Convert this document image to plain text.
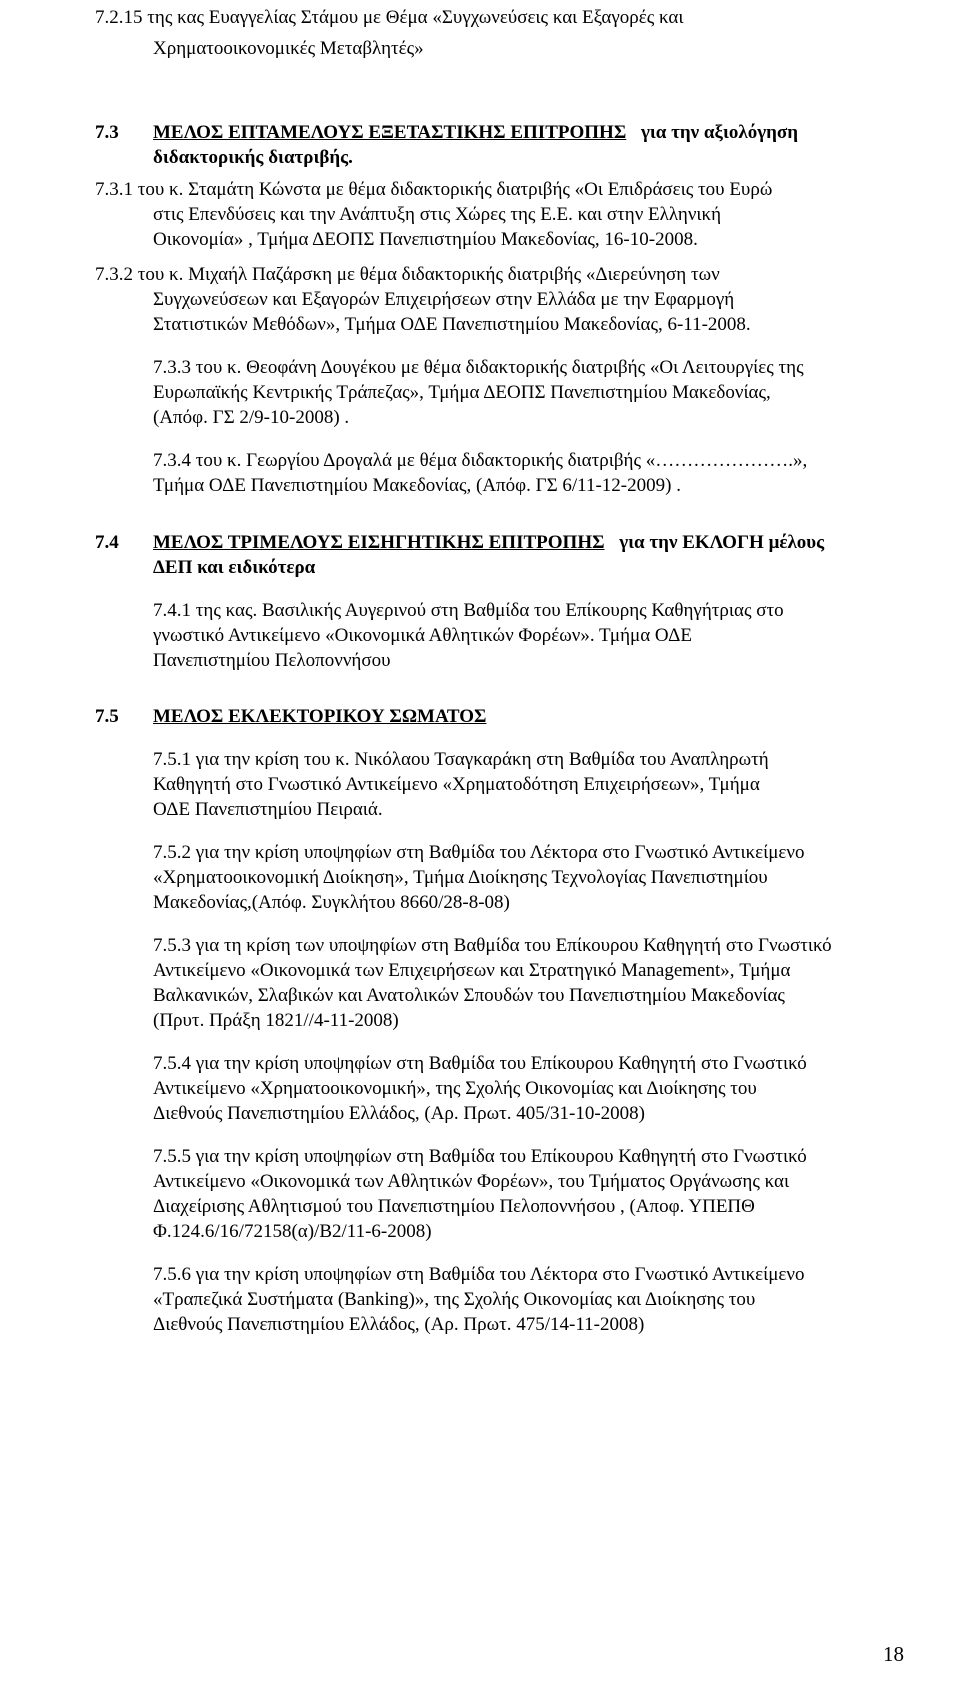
7.2.15 της κας Ευαγγελίας Στάμου με Θέμα «Συγχωνεύσεις και Εξαγορές και
Χρηματοοικονομικές Μεταβλητές»
7.3 ΜΕΛΟΣ ΕΠΤΑΜΕΛΟΥΣ ΕΞΕΤΑΣΤΙΚΗΣ ΕΠΙΤΡΟΠΗΣ για την αξιολόγηση
διδακτορικής διατριβής.
7.3.1 του κ. Σταμάτη Κώνστα με θέμα διδακτορικής διατριβής «Οι Επιδράσεις του Ευρώ
στις Επενδύσεις και την Ανάπτυξη στις Χώρες της Ε.Ε. και στην Ελληνική
Οικονομία» , Τμήμα ΔΕΟΠΣ Πανεπιστημίου Μακεδονίας, 16-10-2008.
7.3.2 του κ. Μιχαήλ Παζάρσκη με θέμα διδακτορικής διατριβής «Διερεύνηση των
Συγχωνεύσεων και Εξαγορών Επιχειρήσεων στην Ελλάδα με την Εφαρμογή
Στατιστικών Μεθόδων», Τμήμα ΟΔΕ Πανεπιστημίου Μακεδονίας, 6-11-2008.
7.3.3 του κ. Θεοφάνη Δουγέκου με θέμα διδακτορικής διατριβής «Οι Λειτουργίες της
Ευρωπαϊκής Κεντρικής Τράπεζας», Τμήμα ΔΕΟΠΣ Πανεπιστημίου Μακεδονίας,
(Απόφ. ΓΣ 2/9-10-2008) .
7.3.4 του κ. Γεωργίου Δρογαλά με θέμα διδακτορικής διατριβής «………………….»,
Τμήμα ΟΔΕ Πανεπιστημίου Μακεδονίας, (Απόφ. ΓΣ 6/11-12-2009) .
7.4 ΜΕΛΟΣ ΤΡΙΜΕΛΟΥΣ ΕΙΣΗΓΗΤΙΚΗΣ ΕΠΙΤΡΟΠΗΣ για την ΕΚΛΟΓΗ μέλους
ΔΕΠ και ειδικότερα
7.4.1 της κας. Βασιλικής Αυγερινού στη Βαθμίδα του Επίκουρης Καθηγήτριας στο
γνωστικό Αντικείμενο «Οικονομικά Αθλητικών Φορέων». Τμήμα ΟΔΕ
Πανεπιστημίου Πελοποννήσου
7.5 ΜΕΛΟΣ ΕΚΛΕΚΤΟΡΙΚΟΥ ΣΩΜΑΤΟΣ
7.5.1 για την κρίση του κ. Νικόλαου Τσαγκαράκη στη Βαθμίδα του Αναπληρωτή
Καθηγητή στο Γνωστικό Αντικείμενο «Χρηματοδότηση Επιχειρήσεων», Τμήμα
ΟΔΕ Πανεπιστημίου Πειραιά.
7.5.2 για την κρίση υποψηφίων στη Βαθμίδα του Λέκτορα στο Γνωστικό Αντικείμενο
«Χρηματοοικονομική Διοίκηση», Τμήμα Διοίκησης Τεχνολογίας Πανεπιστημίου
Μακεδονίας,(Απόφ. Συγκλήτου 8660/28-8-08)
7.5.3 για τη κρίση των υποψηφίων στη Βαθμίδα του Επίκουρου Καθηγητή στο Γνωστικό
Αντικείμενο «Οικονομικά των Επιχειρήσεων και Στρατηγικό Management», Τμήμα
Βαλκανικών, Σλαβικών και Ανατολικών Σπουδών του Πανεπιστημίου Μακεδονίας
(Πρυτ. Πράξη 1821//4-11-2008)
7.5.4 για την κρίση υποψηφίων στη Βαθμίδα του Επίκουρου Καθηγητή στο Γνωστικό
Αντικείμενο «Χρηματοοικονομική», της Σχολής Οικονομίας και Διοίκησης του
Διεθνούς Πανεπιστημίου Ελλάδος, (Αρ. Πρωτ. 405/31-10-2008)
7.5.5 για την κρίση υποψηφίων στη Βαθμίδα του Επίκουρου Καθηγητή στο Γνωστικό
Αντικείμενο «Οικονομικά των Αθλητικών Φορέων», του Τμήματος Οργάνωσης και
Διαχείρισης Αθλητισμού του Πανεπιστημίου Πελοποννήσου , (Αποφ. ΥΠΕΠΘ
Φ.124.6/16/72158(α)/Β2/11-6-2008)
7.5.6 για την κρίση υποψηφίων στη Βαθμίδα του Λέκτορα στο Γνωστικό Αντικείμενο
«Τραπεζικά Συστήματα (Banking)», της Σχολής Οικονομίας και Διοίκησης του
Διεθνούς Πανεπιστημίου Ελλάδος, (Αρ. Πρωτ. 475/14-11-2008)
18
